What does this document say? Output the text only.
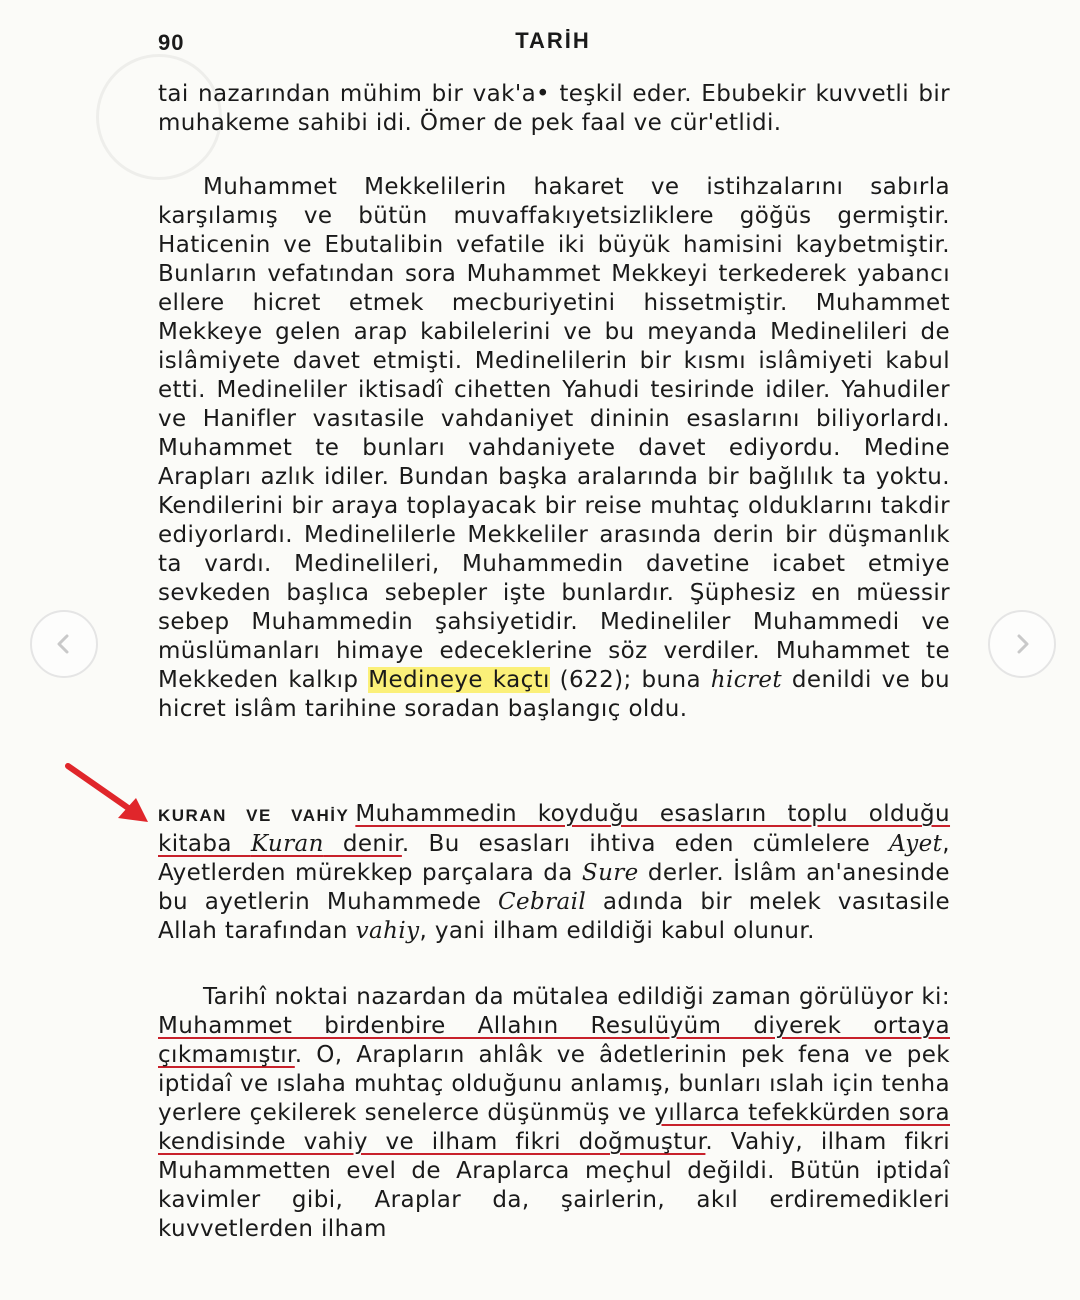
90	TARİH

tai nazarından mühim bir vak'a• teşkil eder. Ebubekir kuvvetli bir muhakeme sahibi idi. Ömer de pek faal ve cür'etlidi.

Muhammet Mekkelilerin hakaret ve istihzalarını sabırla karşılamış ve bütün muvaffakıyetsizliklere göğüs germiştir. Haticenin ve Ebutalibin vefatile iki büyük hamisini kaybetmiştir. Bunların vefatından sora Muhammet Mekkeyi terkederek yabancı ellere hicret etmek mecburiyetini hissetmiştir. Muhammet Mekkeye gelen arap kabilelerini ve bu meyanda Medinelileri de islâmiyete davet etmişti. Medinelilerin bir kısmı islâmiyeti kabul etti. Medineliler iktisadî cihetten Yahudi tesirinde idiler. Yahudiler ve Hanifler vasıtasile vahdaniyet dininin esaslarını biliyorlardı. Muhammet te bunları vahdaniyete davet ediyordu. Medine Arapları azlık idiler. Bundan başka aralarında bir bağlılık ta yoktu. Kendilerini bir araya toplayacak bir reise muhtaç olduklarını takdir ediyorlardı. Medinelilerle Mekkeliler arasında derin bir düşmanlık ta vardı. Medinelileri, Muhammedin davetine icabet etmiye sevkeden başlıca sebepler işte bunlardır. Şüphesiz en müessir sebep Muhammedin şahsiyetidir. Medineliler Muhammedi ve müslümanları himaye edeceklerine söz verdiler. Muhammet te Mekkeden kalkıp Medineye kaçtı (622); buna hicret denildi ve bu hicret islâm tarihine soradan başlangıç oldu.

KURAN VE VAHİY Muhammedin koyduğu esasların toplu olduğu kitaba Kuran denir. Bu esasları ihtiva eden cümlelere Ayet, Ayetlerden mürekkep parçalara da Sure derler. İslâm an'anesinde bu ayetlerin Muhammede Cebrail adında bir melek vasıtasile Allah tarafından vahiy, yani ilham edildiği kabul olunur.

Tarihî noktai nazardan da mütalea edildiği zaman görülüyor ki: Muhammet birdenbire Allahın Resulüyüm diyerek ortaya çıkmamıştır. O, Arapların ahlâk ve âdetlerinin pek fena ve pek iptidaî ve ıslaha muhtaç olduğunu anlamış, bunları ıslah için tenha yerlere çekilerek senelerce düşünmüş ve yıllarca tefekkürden sora kendisinde vahiy ve ilham fikri doğmuştur. Vahiy, ilham fikri Muhammetten evel de Araplarca meçhul değildi. Bütün iptidaî kavimler gibi, Araplar da, şairlerin, akıl erdiremedikleri kuvvetlerden ilham
